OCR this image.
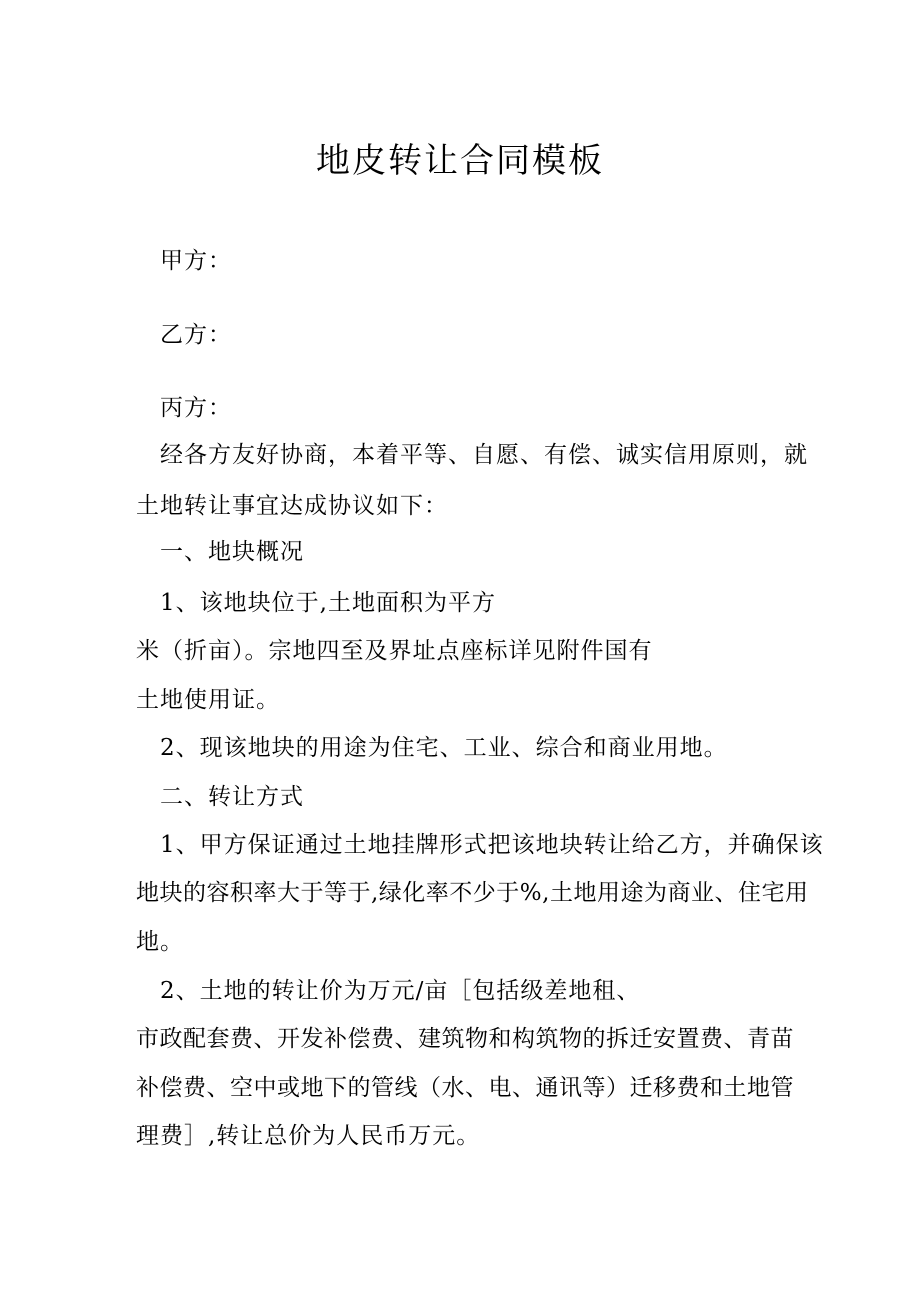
地皮转让合同模板
甲方：
乙方：
丙方：
经各方友好协商，本着平等、自愿、有偿、诚实信用原则，就
土地转让事宜达成协议如下：
一、地块概况
1、该地块位于,土地面积为平方
米（折亩）。宗地四至及界址点座标详见附件国有
土地使用证。
2、现该地块的用途为住宅、工业、综合和商业用地。
二、转让方式
1、甲方保证通过土地挂牌形式把该地块转让给乙方，并确保该
地块的容积率大于等于,绿化率不少于%,土地用途为商业、住宅用
地。
2、土地的转让价为万元/亩［包括级差地租、
市政配套费、开发补偿费、建筑物和构筑物的拆迁安置费、青苗
补偿费、空中或地下的管线（水、电、通讯等）迁移费和土地管
理费］,转让总价为人民币万元。
